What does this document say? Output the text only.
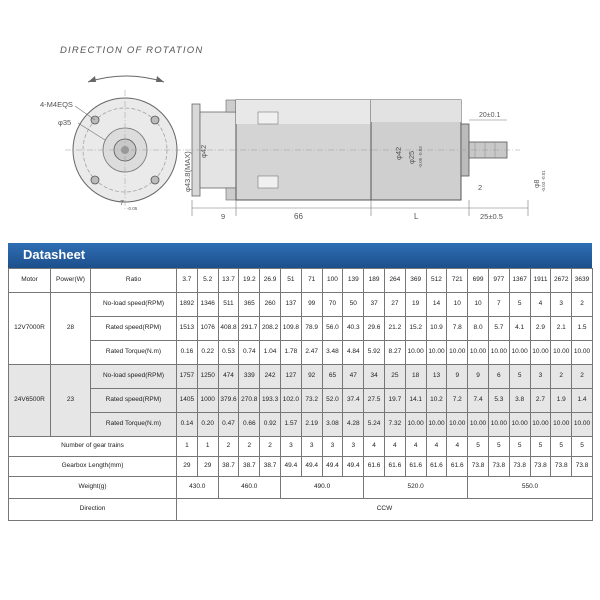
DIRECTION OF ROTATION
4-M4EQS
φ35
7
-0.05
φ43.8(MAX) φ42	φ42 φ25 -0.05 -0.03
φ8 -0.03 -0.01
20±0.1
2
9	66	L	25±0.5
Datasheet
Motor	Power(W)	Ratio	3.7	5.2	13.7	19.2	26.9	51	71	100	139	189	264	369	512	721	699	977	1367	1911	2672	3639
12V7000R	28	No-load speed(RPM)	1892	1346	511	365	260	137	99	70	50	37	27	19	14	10	10	7	5	4	3	2
		Rated speed(RPM)	1513	1076	408.8	291.7	208.2	109.8	78.9	56.0	40.3	29.6	21.2	15.2	10.9	7.8	8.0	5.7	4.1	2.9	2.1	1.5
		Rated Torque(N.m)	0.16	0.22	0.53	0.74	1.04	1.78	2.47	3.48	4.84	5.92	8.27	10.00	10.00	10.00	10.00	10.00	10.00	10.00	10.00	10.00
24V6500R	23	No-load speed(RPM)	1757	1250	474	339	242	127	92	65	47	34	25	18	13	9	9	6	5	3	2	2
		Rated speed(RPM)	1405	1000	379.6	270.8	193.3	102.0	73.2	52.0	37.4	27.5	19.7	14.1	10.2	7.2	7.4	5.3	3.8	2.7	1.9	1.4
		Rated Torque(N.m)	0.14	0.20	0.47	0.66	0.92	1.57	2.19	3.08	4.28	5.24	7.32	10.00	10.00	10.00	10.00	10.00	10.00	10.00	10.00	10.00
Number of gear trains			1	1	2	2	2	3	3	3	3	4	4	4	4	4	5	5	5	5	5	5
Gearbox Length(mm)			29	29	38.7	38.7	38.7	49.4	49.4	49.4	49.4	61.6	61.6	61.6	61.6	61.6	73.8	73.8	73.8	73.8	73.8	73.8
Weight(g)			430.0		460.0			490.0				520.0					550.0					
Direction			CCW																			
